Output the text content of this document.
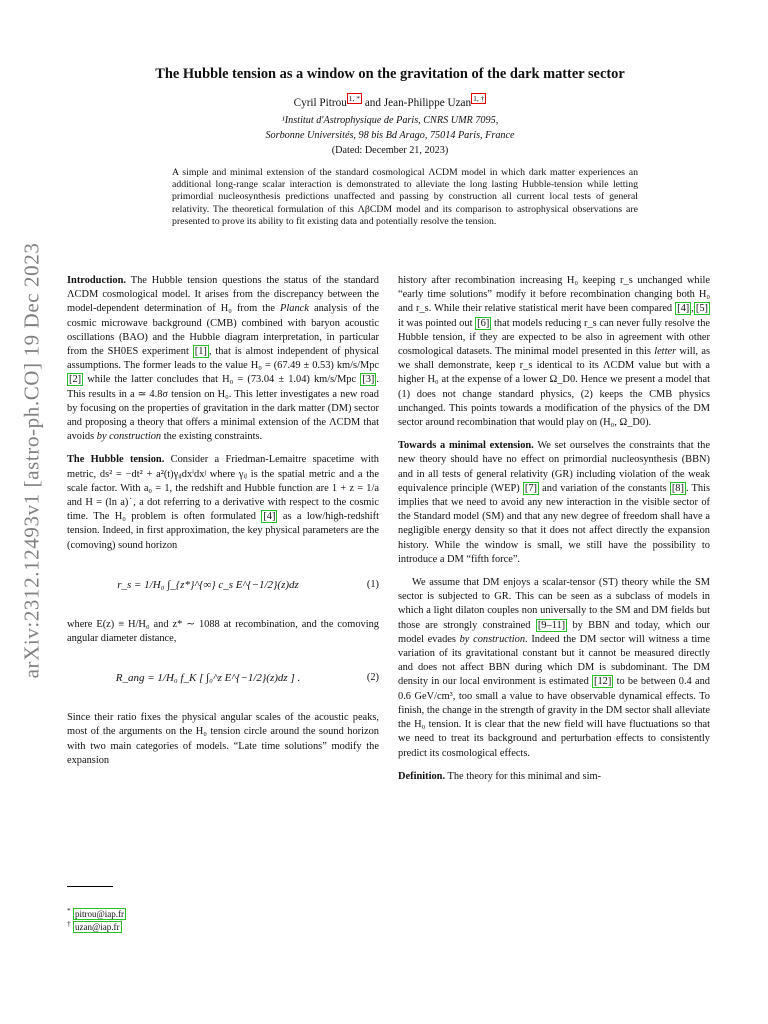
arXiv:2312.12493v1 [astro-ph.CO] 19 Dec 2023
The Hubble tension as a window on the gravitation of the dark matter sector
Cyril Pitrou $^{1, *}$ and Jean-Philippe Uzan $^{1, \dagger}$
¹Institut d'Astrophysique de Paris, CNRS UMR 7095,
Sorbonne Universités, 98 bis Bd Arago, 75014 Paris, France
(Dated: December 21, 2023)
A simple and minimal extension of the standard cosmological ΛCDM model in which dark matter experiences an additional long-range scalar interaction is demonstrated to alleviate the long lasting Hubble-tension while letting primordial nucleosynthesis predictions unaffected and passing by construction all current local tests of general relativity. The theoretical formulation of this ΛβCDM model and its comparison to astrophysical observations are presented to prove its ability to fit existing data and potentially resolve the tension.

Introduction. The Hubble tension questions the status of the standard ΛCDM cosmological model. It arises from the discrepancy between the model-dependent determination of H₀ from the Planck analysis of the cosmic microwave background (CMB) combined with baryon acoustic oscillations (BAO) and the Hubble diagram interpretation, in particular from the SH0ES experiment [1] , that is almost independent of physical assumptions. The former leads to the value H₀ = (67.49 ± 0.53) km/s/Mpc [2] while the latter concludes that H₀ = (73.04 ± 1.04) km/s/Mpc [3] . This results in a ≃ 4.8σ tension on H₀. This letter investigates a new road by focusing on the properties of gravitation in the dark matter (DM) sector and proposing a theory that offers a minimal extension of the ΛCDM that avoids by construction the existing constraints.

The Hubble tension. Consider a Friedman-Lemaitre spacetime with metric, ds² = −dt² + a²(t)γᵢⱼdxⁱdxʲ where γᵢⱼ is the spatial metric and a the scale factor. With a₀ = 1, the redshift and Hubble function are 1 + z = 1/a and H = (ln a)˙, a dot referring to a derivative with respect to the cosmic time. The H₀ problem is often formulated [4] as a low/high-redshift tension. Indeed, in first approximation, the key physical parameters are the (comoving) sound horizon

r_s = 1/H₀ ∫_{z*}^{∞} c_s E^{−1/2}(z)dz	(1)

where E(z) ≡ H/H₀ and z* ∼ 1088 at recombination, and the comoving angular diameter distance,

R_ang = 1/H₀ f_K [ ∫₀^z E^{−1/2}(z)dz ] .	(2)

Since their ratio fixes the physical angular scales of the acoustic peaks, most of the arguments on the H₀ tension circle around the sound horizon with two main categories of models. “Late time solutions” modify the expansion

history after recombination increasing H₀ keeping r_s unchanged while “early time solutions” modify it before recombination changing both H₀ and r_s. While their relative statistical merit have been compared [4] , [5] it was pointed out [6] that models reducing r_s can never fully resolve the Hubble tension, if they are expected to be also in agreement with other cosmological datasets. The minimal model presented in this letter will, as we shall demonstrate, keep r_s identical to its ΛCDM value but with a higher H₀ at the expense of a lower Ω_D0. Hence we present a model that (1) does not change standard physics, (2) keeps the CMB physics unchanged. This points towards a modification of the physics of the DM sector around recombination that would play on (H₀, Ω_D0).

Towards a minimal extension. We set ourselves the constraints that the new theory should have no effect on primordial nucleosynthesis (BBN) and in all tests of general relativity (GR) including violation of the weak equivalence principle (WEP) [7] and variation of the constants [8] . This implies that we need to avoid any new interaction in the visible sector of the Standard model (SM) and that any new degree of freedom shall have a negligible energy density so that it does not affect directly the expansion history. While the window is small, we still have the possibility to introduce a DM “fifth force”.

We assume that DM enjoys a scalar-tensor (ST) theory while the SM sector is subjected to GR. This can be seen as a subclass of models in which a light dilaton couples non universally to the SM and DM fields but those are strongly constrained [9–11] by BBN and today, which our model evades by construction. Indeed the DM sector will witness a time variation of its gravitational constant but it cannot be measured directly and does not affect BBN during which DM is subdominant. The DM density in our local environment is estimated [12] to be between 0.4 and 0.6 GeV/cm³, too small a value to have observable dynamical effects. To finish, the change in the strength of gravity in the DM sector shall alleviate the H₀ tension. It is clear that the new field will have fluctuations so that we need to treat its background and perturbation effects to consistently predict its cosmological effects.

Definition. The theory for this minimal and sim-

* pitrou@iap.fr
† uzan@iap.fr
